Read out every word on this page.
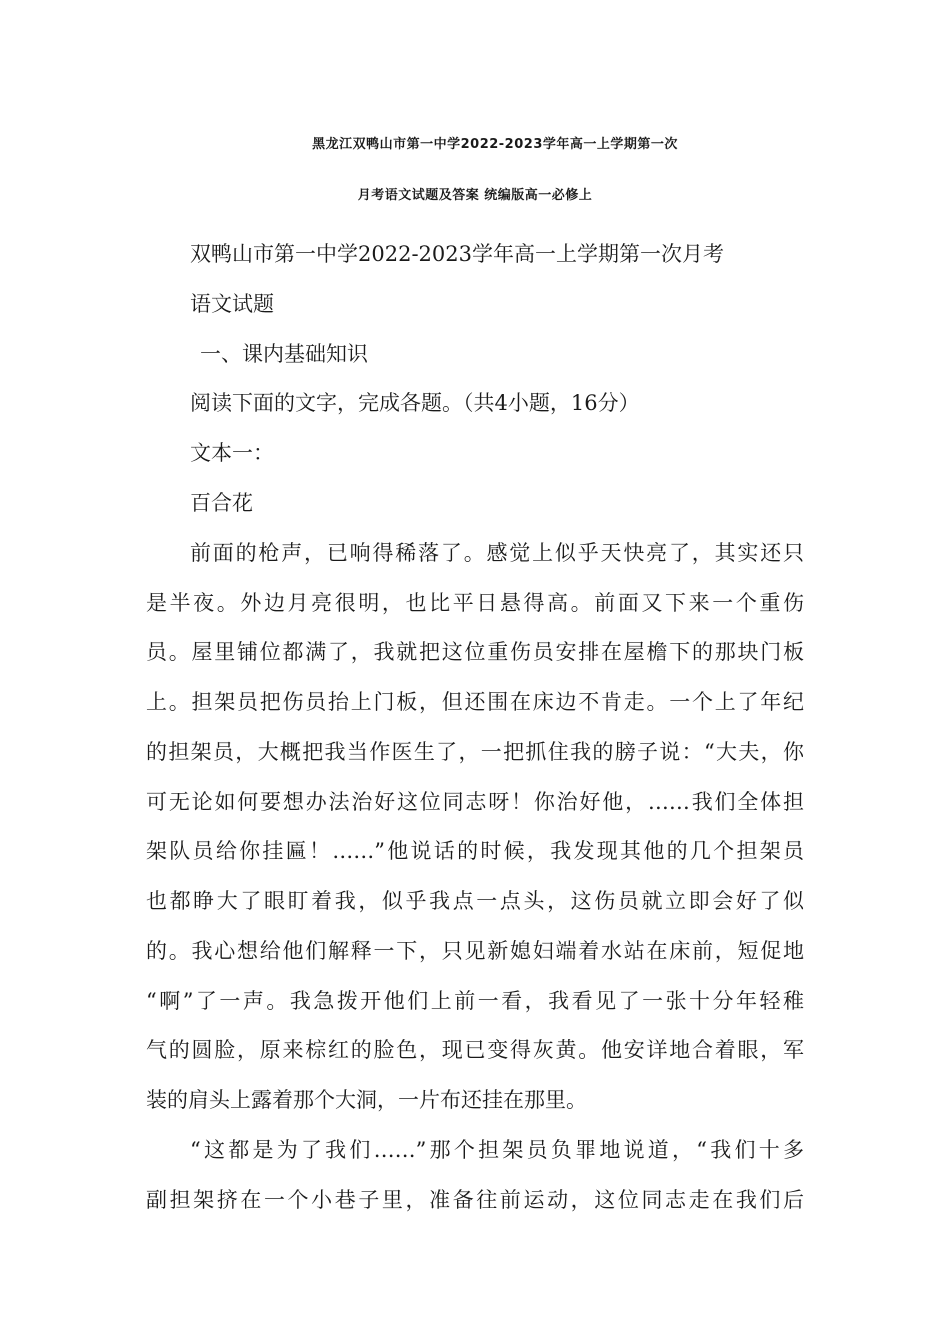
黑龙江双鸭山市第一中学2022-2023学年高一上学期第一次
月考语文试题及答案 统编版高一必修上
双鸭山市第一中学2022-2023学年高一上学期第一次月考
语文试题
一、课内基础知识
阅读下面的文字，完成各题。（共4小题，16分）
文本一：
百合花
前面的枪声，已响得稀落了。感觉上似乎天快亮了，其实还只
是半夜。外边月亮很明，也比平日悬得高。前面又下来一个重伤
员。屋里铺位都满了，我就把这位重伤员安排在屋檐下的那块门板
上。担架员把伤员抬上门板，但还围在床边不肯走。一个上了年纪
的担架员，大概把我当作医生了，一把抓住我的膀子说：“大夫，你
可无论如何要想办法治好这位同志呀！你治好他，……我们全体担
架队员给你挂匾！……”他说话的时候，我发现其他的几个担架员
也都睁大了眼盯着我，似乎我点一点头，这伤员就立即会好了似
的。我心想给他们解释一下，只见新媳妇端着水站在床前，短促地
“啊”了一声。我急拨开他们上前一看，我看见了一张十分年轻稚
气的圆脸，原来棕红的脸色，现已变得灰黄。他安详地合着眼，军
装的肩头上露着那个大洞，一片布还挂在那里。
“这都是为了我们……”那个担架员负罪地说道，“我们十多
副担架挤在一个小巷子里，准备往前运动，这位同志走在我们后
